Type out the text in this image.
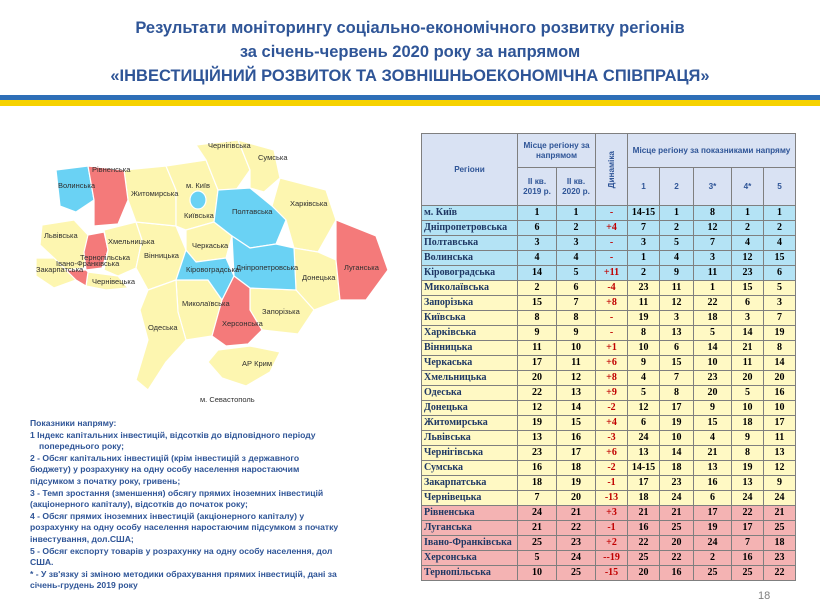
Результати моніторингу соціально-економічного розвитку регіонів
за січень-червень 2020 року за напрямом
«ІНВЕСТИЦІЙНИЙ РОЗВИТОК ТА ЗОВНІШНЬОЕКОНОМІЧНА СПІВПРАЦЯ»
Волинська
Рівненська
Житомирська
Чернігівська
Сумська
м. Київ
Київська Полтавська
Харківська
Львівська
Тернопільська
Хмельницька
Вінницька
Черкаська
Кіровоградська
Дніпропетровська	Луганська
Донецька
Закарпатська
Івано-Франківська
Чернівецька
Миколаївська
Одеська
Запорізька
Херсонська
АР Крим
м. Севастополь
Показники напряму:
1 Індекс капітальних інвестицій, відсотків до відповідного періоду
попереднього року;
2 - Обсяг капітальних інвестицій (крім інвестицій з державного
бюджету) у розрахунку на одну особу населення наростаючим
підсумком з початку року, гривень;
3 - Темп зростання (зменшення) обсягу прямих іноземних інвестицій
(акціонерного капіталу), відсотків до початок року;
4 - Обсяг прямих іноземних інвестицій (акціонерного капіталу) у
розрахунку на одну особу населення наростаючим підсумком з початку
інвестування, дол.США;
5 - Обсяг експорту товарів у розрахунку на одну особу населення, дол
США.
* - У зв'язку зі зміною методики обрахування прямих інвестицій, дані за
січень-грудень 2019 року
Регіони	Місце регіону за напрямом		Динаміка	Місце регіону за показниками напряму				
	ІІ кв. 2019 р.	ІІ кв. 2020 р.		1	2	3*	4*	5
м. Київ	1	1	-	14-15	1	8	1	1
Дніпропетровська	6	2	+4	7	2	12	2	2
Полтавська	3	3	-	3	5	7	4	4
Волинська	4	4	-	1	4	3	12	15
Кіровоградська	14	5	+11	2	9	11	23	6
Миколаївська	2	6	-4	23	11	1	15	5
Запорізька	15	7	+8	11	12	22	6	3
Київська	8	8	-	19	3	18	3	7
Харківська	9	9	-	8	13	5	14	19
Вінницька	11	10	+1	10	6	14	21	8
Черкаська	17	11	+6	9	15	10	11	14
Хмельницька	20	12	+8	4	7	23	20	20
Одеська	22	13	+9	5	8	20	5	16
Донецька	12	14	-2	12	17	9	10	10
Житомирська	19	15	+4	6	19	15	18	17
Львівська	13	16	-3	24	10	4	9	11
Чернігівська	23	17	+6	13	14	21	8	13
Сумська	16	18	-2	14-15	18	13	19	12
Закарпатська	18	19	-1	17	23	16	13	9
Чернівецька	7	20	-13	18	24	6	24	24
Рівненська	24	21	+3	21	21	17	22	21
Луганська	21	22	-1	16	25	19	17	25
Івано-Франківська	25	23	+2	22	20	24	7	18
Херсонська	5	24	--19	25	22	2	16	23
Тернопільська	10	25	-15	20	16	25	25	22
18
